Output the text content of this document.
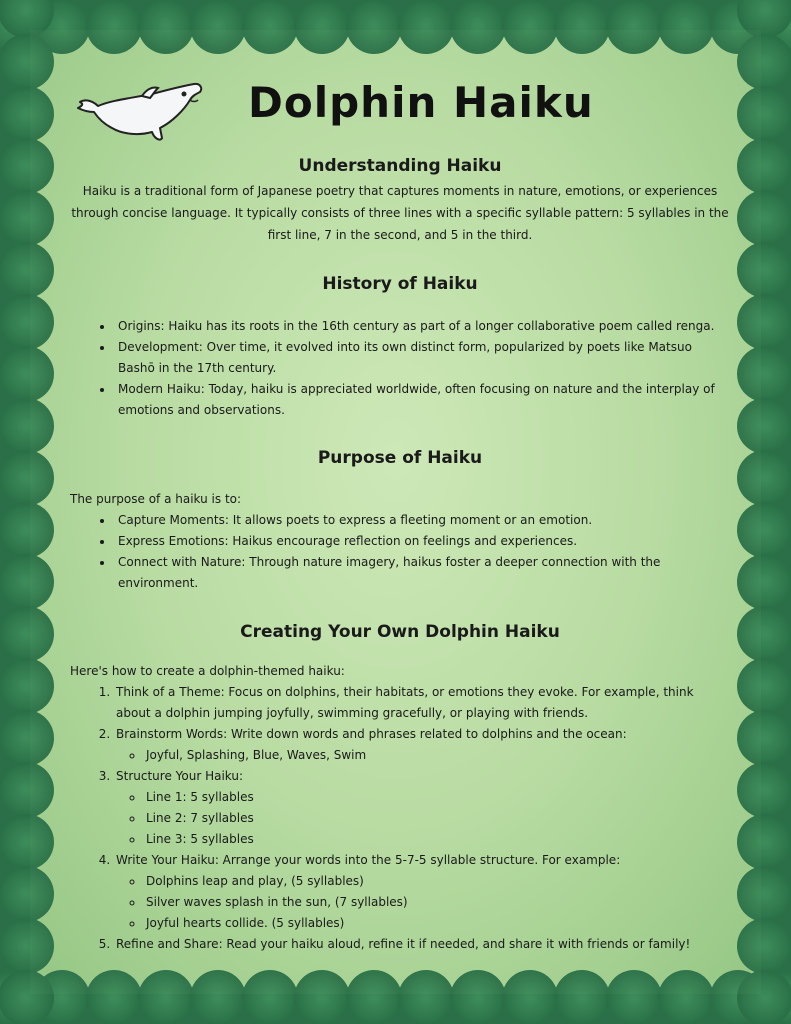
Dolphin Haiku
Understanding Haiku

Haiku is a traditional form of Japanese poetry that captures moments in nature, emotions, or experiences through concise language. It typically consists of three lines with a specific syllable pattern: 5 syllables in the first line, 7 in the second, and 5 in the third.

History of Haiku
• Origins: Haiku has its roots in the 16th century as part of a longer collaborative poem called renga.
• Development: Over time, it evolved into its own distinct form, popularized by poets like Matsuo Bashō in the 17th century.
• Modern Haiku: Today, haiku is appreciated worldwide, often focusing on nature and the interplay of emotions and observations.
Purpose of Haiku

The purpose of a haiku is to:

• Capture Moments: It allows poets to express a fleeting moment or an emotion.
• Express Emotions: Haikus encourage reflection on feelings and experiences.
• Connect with Nature: Through nature imagery, haikus foster a deeper connection with the environment.
Creating Your Own Dolphin Haiku

Here's how to create a dolphin-themed haiku:

1. Think of a Theme: Focus on dolphins, their habitats, or emotions they evoke. For example, think about a dolphin jumping joyfully, swimming gracefully, or playing with friends.
2. Brainstorm Words: Write down words and phrases related to dolphins and the ocean:
◦ Joyful, Splashing, Blue, Waves, Swim
3. Structure Your Haiku:
◦ Line 1: 5 syllables
◦ Line 2: 7 syllables
◦ Line 3: 5 syllables
4. Write Your Haiku: Arrange your words into the 5-7-5 syllable structure. For example:
◦ Dolphins leap and play, (5 syllables)
◦ Silver waves splash in the sun, (7 syllables)
◦ Joyful hearts collide. (5 syllables)
5. Refine and Share: Read your haiku aloud, refine it if needed, and share it with friends or family!
